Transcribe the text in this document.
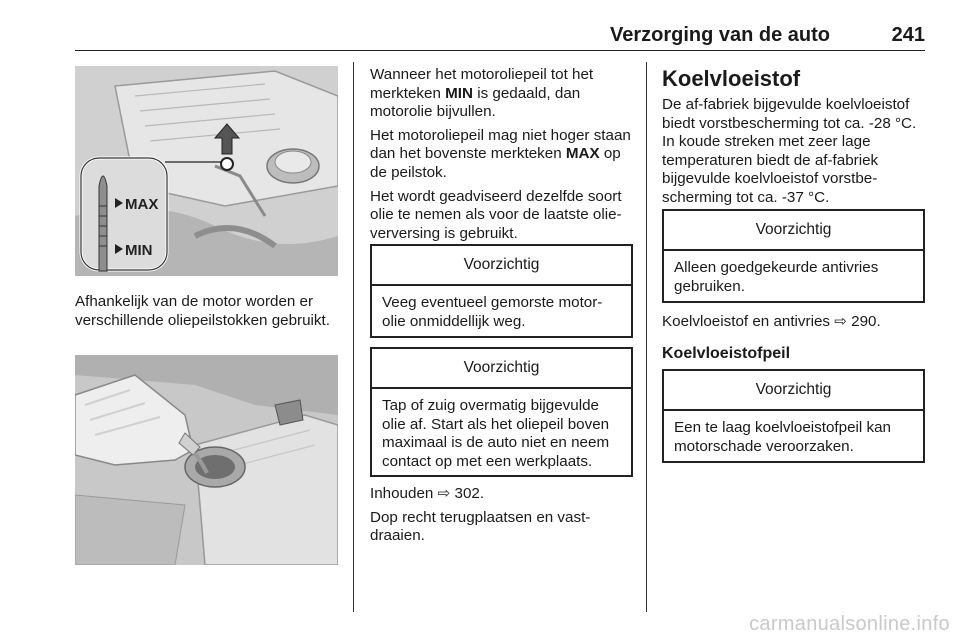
Verzorging van de auto	241
MAX
MIN

Afhankelijk van de motor worden er verschillende oliepeilstokken gebruikt.

Wanneer het motoroliepeil tot het merkteken MIN is gedaald, dan motorolie bijvullen.

Het motoroliepeil mag niet hoger staan dan het bovenste merkteken MAX op de peilstok.

Het wordt geadviseerd dezelfde soort olie te nemen als voor de laatste olie-verversing is gebruikt.

Voorzichtig
Veeg eventueel gemorste motor-olie onmiddellijk weg.
Voorzichtig
Tap of zuig overmatig bijgevulde olie af. Start als het oliepeil boven maximaal is de auto niet en neem contact op met een werkplaats.

Inhouden ⇨ 302.

Dop recht terugplaatsen en vast-draaien.

Koelvloeistof

De af-fabriek bijgevulde koelvloeistof biedt vorstbescherming tot ca. -28 °C. In koude streken met zeer lage temperaturen biedt de af-fabriek bijgevulde koelvloeistof vorstbe-scherming tot ca. -37 °C.

Voorzichtig
Alleen goedgekeurde antivries gebruiken.

Koelvloeistof en antivries ⇨ 290.

Koelvloeistofpeil
Voorzichtig
Een te laag koelvloeistofpeil kan motorschade veroorzaken.
carmanualsonline.info
